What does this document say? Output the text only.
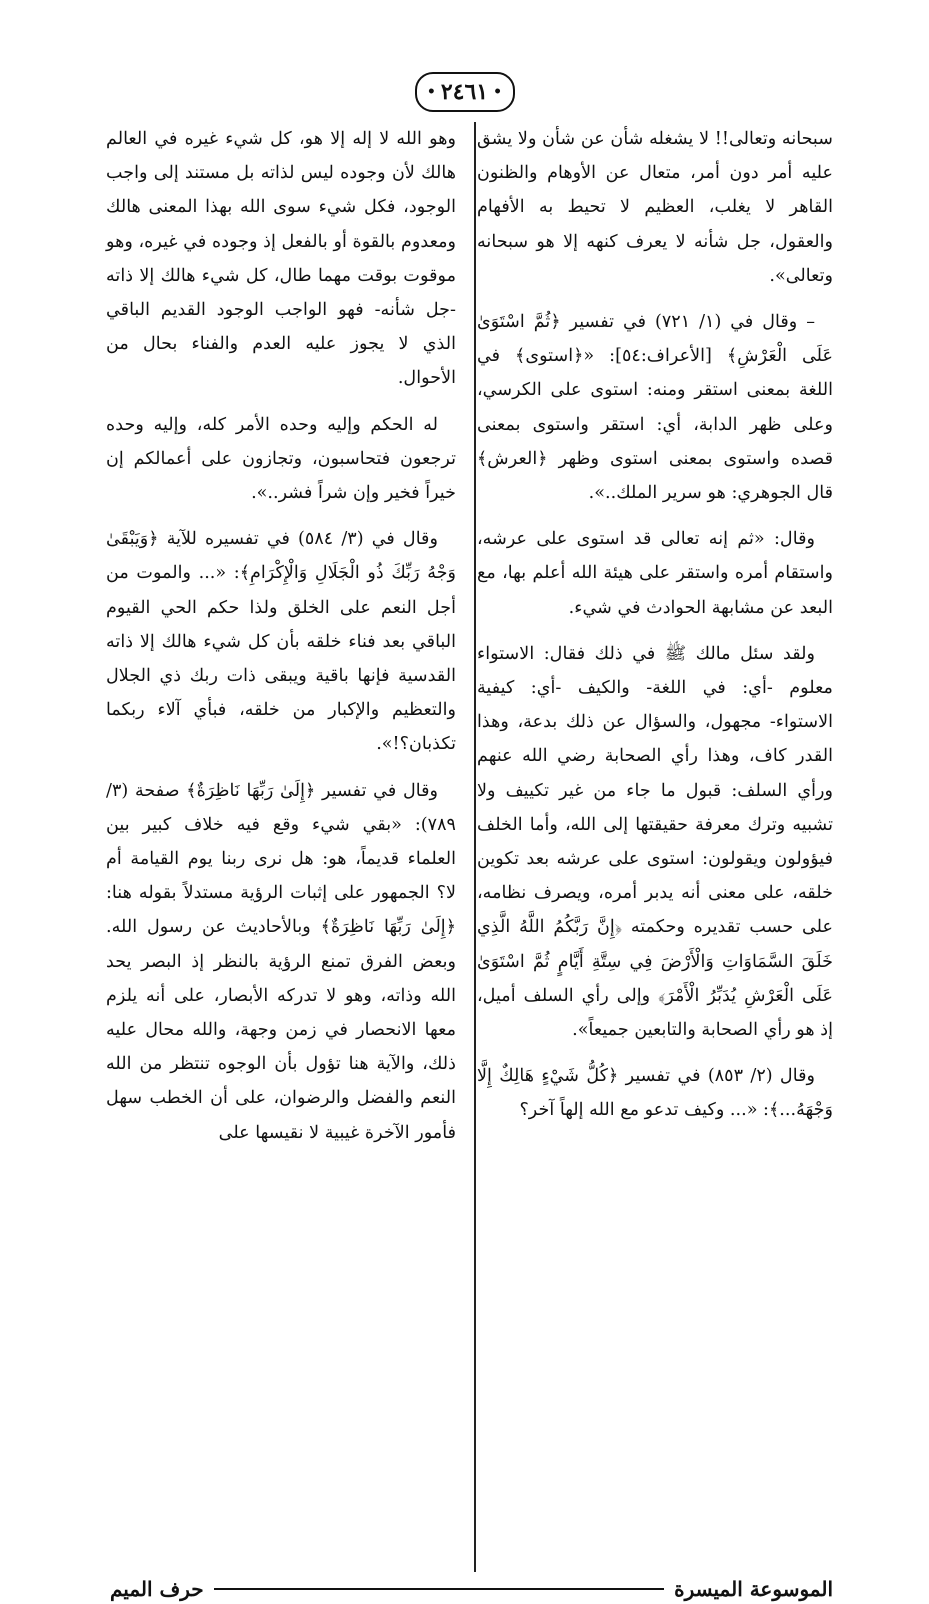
• ٢٤٦١
•

سبحانه وتعالى!! لا يشغله شأن عن شأن ولا يشق عليه أمر دون أمر، متعال عن الأوهام والظنون القاهر لا يغلب، العظيم لا تحيط به الأفهام والعقول، جل شأنه لا يعرف كنهه إلا هو سبحانه وتعالى».

– وقال في (١/ ٧٢١) في تفسير ﴿ثُمَّ اسْتَوَىٰ عَلَى الْعَرْشِ﴾ [الأعراف:٥٤]: «﴿استوى﴾ في اللغة بمعنى استقر ومنه: استوى على الكرسي، وعلى ظهر الدابة، أي: استقر واستوى بمعنى قصده واستوى بمعنى استوى وظهر ﴿العرش﴾ قال الجوهري: هو سرير الملك..».

وقال: «ثم إنه تعالى قد استوى على عرشه، واستقام أمره واستقر على هيئة الله أعلم بها، مع البعد عن مشابهة الحوادث في شيء.

ولقد سئل مالك ﷺ في ذلك فقال: الاستواء معلوم -أي: في اللغة- والكيف -أي: كيفية الاستواء- مجهول، والسؤال عن ذلك بدعة، وهذا القدر كاف، وهذا رأي الصحابة رضي الله عنهم ورأي السلف: قبول ما جاء من غير تكييف ولا تشبيه وترك معرفة حقيقتها إلى الله، وأما الخلف فيؤولون ويقولون: استوى على عرشه بعد تكوين خلقه، على معنى أنه يدبر أمره، ويصرف نظامه، على حسب تقديره وحكمته ﴿إِنَّ رَبَّكُمُ اللَّهُ الَّذِي خَلَقَ السَّمَاوَاتِ وَالْأَرْضَ فِي سِتَّةِ أَيَّامٍ ثُمَّ اسْتَوَىٰ عَلَى الْعَرْشِ يُدَبِّرُ الْأَمْرَ﴾ وإلى رأي السلف أميل، إذ هو رأي الصحابة والتابعين جميعاً».

وقال (٢/ ٨٥٣) في تفسير ﴿كُلُّ شَيْءٍ هَالِكٌ إِلَّا وَجْهَهُ...﴾: «... وكيف تدعو مع الله إلهاً آخر؟

وهو الله لا إله إلا هو، كل شيء غيره في العالم هالك لأن وجوده ليس لذاته بل مستند إلى واجب الوجود، فكل شيء سوى الله بهذا المعنى هالك ومعدوم بالقوة أو بالفعل إذ وجوده في غيره، وهو موقوت بوقت مهما طال، كل شيء هالك إلا ذاته -جل شأنه- فهو الواجب الوجود القديم الباقي الذي لا يجوز عليه العدم والفناء بحال من الأحوال.

له الحكم وإليه وحده الأمر كله، وإليه وحده ترجعون فتحاسبون، وتجازون على أعمالكم إن خيراً فخير وإن شراً فشر..».

وقال في (٣/ ٥٨٤) في تفسيره للآية ﴿وَيَبْقَىٰ وَجْهُ رَبِّكَ ذُو الْجَلَالِ وَالْإِكْرَامِ﴾: «... والموت من أجل النعم على الخلق ولذا حكم الحي القيوم الباقي بعد فناء خلقه بأن كل شيء هالك إلا ذاته القدسية فإنها باقية ويبقى ذات ربك ذي الجلال والتعظيم والإكبار من خلقه، فبأي آلاء ربكما تكذبان؟!».

وقال في تفسير ﴿إِلَىٰ رَبِّهَا نَاظِرَةٌ﴾ صفحة (٣/ ٧٨٩): «بقي شيء وقع فيه خلاف كبير بين العلماء قديماً، هو: هل نرى ربنا يوم القيامة أم لا؟ الجمهور على إثبات الرؤية مستدلاً بقوله هنا: ﴿إِلَىٰ رَبِّهَا نَاظِرَةٌ﴾ وبالأحاديث عن رسول الله. وبعض الفرق تمنع الرؤية بالنظر إذ البصر يحد الله وذاته، وهو لا تدركه الأبصار، على أنه يلزم معها الانحصار في زمن وجهة، والله محال عليه ذلك، والآية هنا تؤول بأن الوجوه تنتظر من الله النعم والفضل والرضوان، على أن الخطب سهل فأمور الآخرة غيبية لا نقيسها على

الموسوعة الميسرة
حرف الميم
